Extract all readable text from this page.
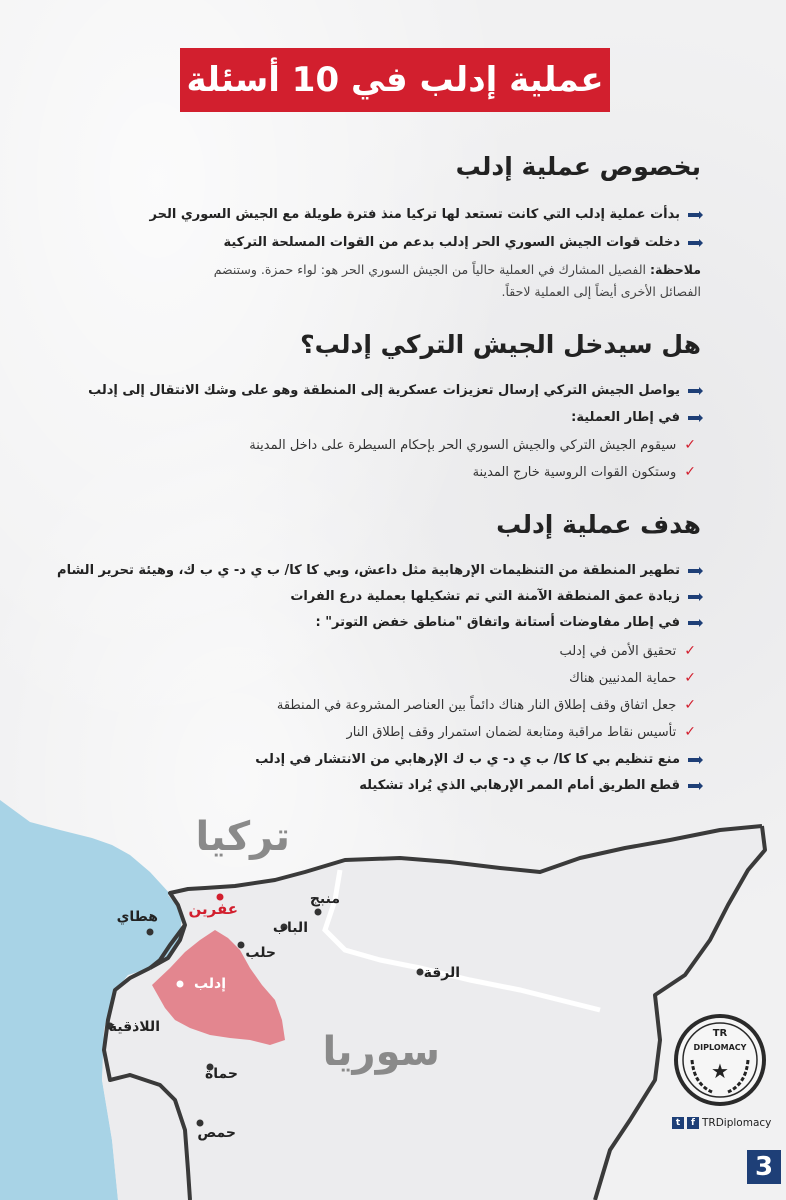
عملية إدلب في 10 أسئلة
بخصوص عملية إدلب
بدأت عملية إدلب التي كانت تستعد لها تركيا منذ فترة طويلة مع الجيش السوري الحر
دخلت قوات الجيش السوري الحر إدلب بدعم من القوات المسلحة التركية
ملاحظة: الفصيل المشارك في العملية حالياً من الجيش السوري الحر هو: لواء حمزة. وستنضم الفصائل الأخرى أيضاً إلى العملية لاحقاً.
هل سيدخل الجيش التركي إدلب؟
يواصل الجيش التركي إرسال تعزيزات عسكرية إلى المنطقة وهو على وشك الانتقال إلى إدلب
في إطار العملية:
✓
سيقوم الجيش التركي والجيش السوري الحر بإحكام السيطرة على داخل المدينة
✓
وستكون القوات الروسية خارج المدينة
هدف عملية إدلب
تطهير المنطقة من التنظيمات الإرهابية مثل داعش، وبي كا كا/ ب ي د- ي ب ك، وهيئة تحرير الشام
زيادة عمق المنطقة الآمنة التي تم تشكيلها بعملية درع الفرات
في إطار مفاوضات أستانة واتفاق "مناطق خفض التوتر" :
✓
تحقيق الأمن في إدلب
✓
حماية المدنيين هناك
✓
جعل اتفاق وقف إطلاق النار هناك دائماً بين العناصر المشروعة في المنطقة
✓
تأسيس نقاط مراقبة ومتابعة لضمان استمرار وقف إطلاق النار
منع تنظيم بي كا كا/ ب ي د- ي ب ك الإرهابي من الانتشار في إدلب
قطع الطريق أمام الممر الإرهابي الذي يُراد تشكيله
تركيا
سوريا
عفرين
هطاي
منبج
الباب
حلب
إدلب
الرقة
اللاذقية
حماة
حمص
TR
DIPLOMACY
★
t	f TRDiplomacy
3
